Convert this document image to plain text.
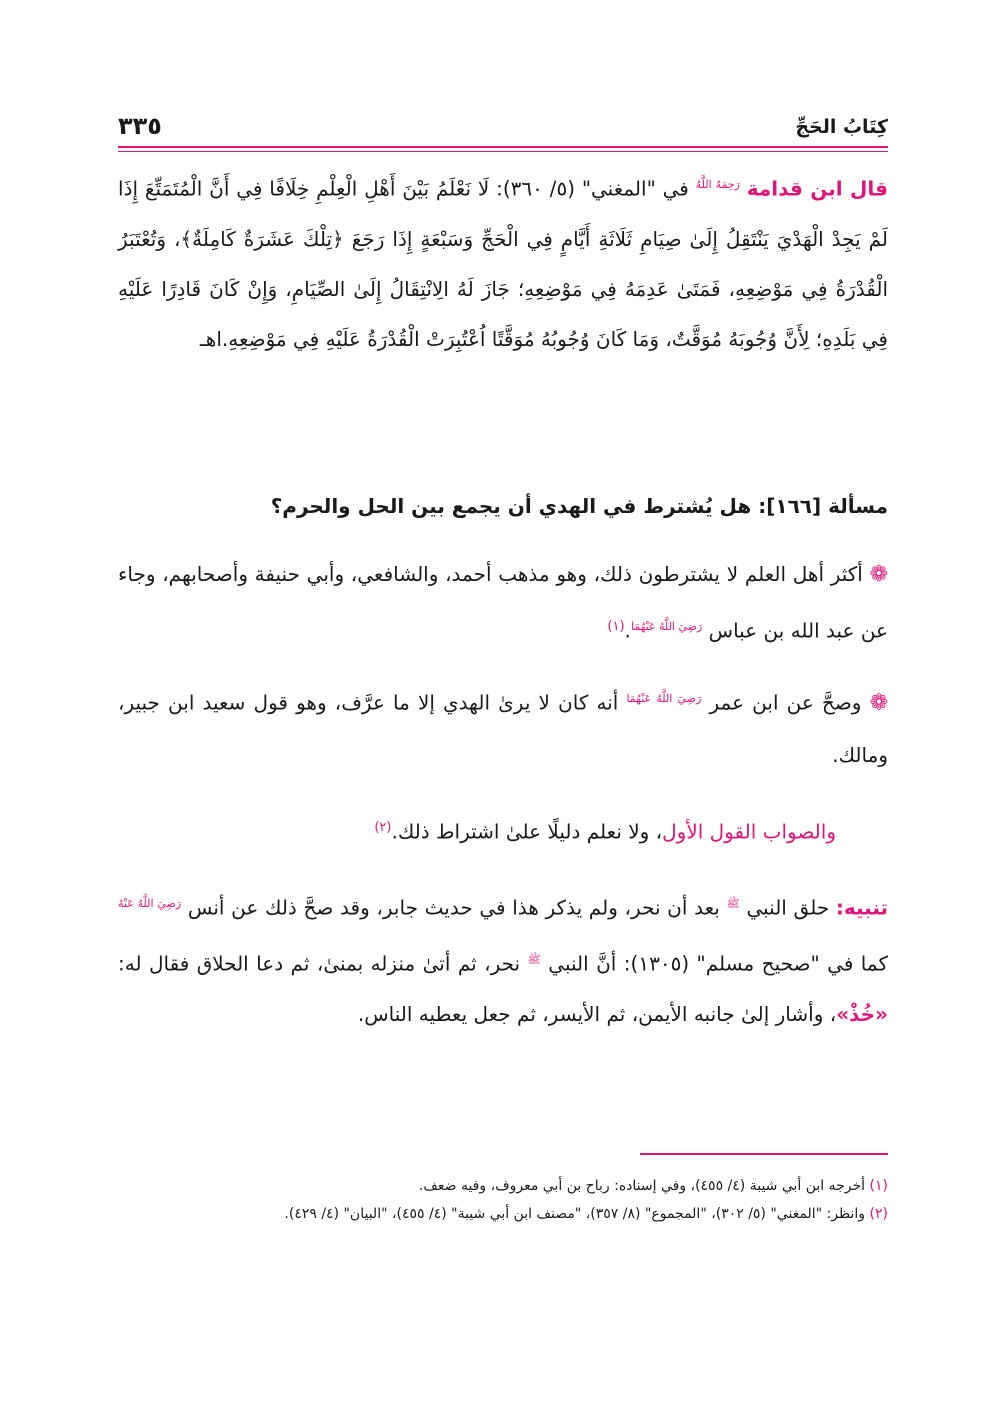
كِتَابُ الحَجِّ
٣٣٥

قال ابن قدامة $^{رَحِمَهُ اللَّهُ}$ في "المغني" (٥/ ٣٦٠): لَا نَعْلَمُ بَيْنَ أَهْلِ الْعِلْمِ خِلَافًا فِي أَنَّ الْمُتَمَتِّعَ إِذَا لَمْ يَجِدْ الْهَدْيَ يَنْتَقِلُ إِلَىٰ صِيَامِ ثَلَاثَةِ أَيَّامٍ فِي الْحَجِّ وَسَبْعَةٍ إِذَا رَجَعَ ﴿تِلْكَ عَشَرَةٌ كَامِلَةٌ﴾، وَتُعْتَبَرُ الْقُدْرَةُ فِي مَوْضِعِهِ، فَمَتَىٰ عَدِمَهُ فِي مَوْضِعِهِ؛ جَازَ لَهُ الِانْتِقَالُ إِلَىٰ الصِّيَامِ، وَإِنْ كَانَ قَادِرًا عَلَيْهِ فِي بَلَدِهِ؛ لِأَنَّ وُجُوبَهُ مُوَقَّتٌ، وَمَا كَانَ وُجُوبُهُ مُوَقَّتًا اُعْتُبِرَتْ الْقُدْرَةُ عَلَيْهِ فِي مَوْضِعِهِ.اهـ

مسألة [١٦٦]: هل يُشترط في الهدي أن يجمع بين الحل والحرم؟

❁ أكثر أهل العلم لا يشترطون ذلك، وهو مذهب أحمد، والشافعي، وأبي حنيفة وأصحابهم، وجاء عن عبد الله بن عباس $^{رَضِيَ اللَّهُ عَنْهُمَا}$.$^{(١)}$

❁ وصحَّ عن ابن عمر $^{رَضِيَ اللَّهُ عَنْهُمَا}$ أنه كان لا يرىٰ الهدي إلا ما عرَّف، وهو قول سعيد ابن جبير، ومالك.

والصواب القول الأول، ولا نعلم دليلًا علىٰ اشتراط ذلك.$^{(٢)}$
تنبيه: حلق النبي $^ﷺ$ بعد أن نحر، ولم يذكر هذا في حديث جابر، وقد صحَّ ذلك عن أنس $^{رَضِيَ اللَّهُ عَنْهُ}$ كما في "صحيح مسلم" (١٣٠٥): أنَّ النبي $^ﷺ$ نحر، ثم أتىٰ منزله بمنىٰ، ثم دعا الحلاق فقال له: «خُذْ»، وأشار إلىٰ جانبه الأيمن، ثم الأيسر، ثم جعل يعطيه الناس.

(١) أخرجه ابن أبي شيبة (٤/ ٤٥٥)، وفي إسناده: رباح بن أبي معروف، وفيه ضعف.

(٢) وانظر: "المغني" (٥/ ٣٠٢)، "المجموع" (٨/ ٣٥٧)، "مصنف ابن أبي شيبة" (٤/ ٤٥٥)، "البيان" (٤/ ٤٢٩).
